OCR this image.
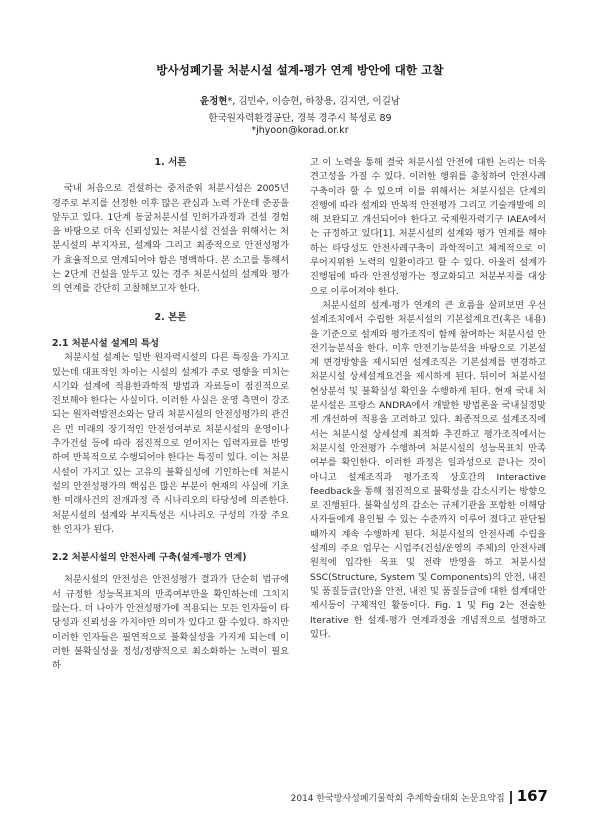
방사성폐기물 처분시설 설계-평가 연계 방안에 대한 고찰
윤정현*, 김민수, 이승현, 하창용, 김지연, 이길남
한국원자력환경공단, 경북 경주시 북성로 89
*jhyoon@korad.or.kr
1. 서론

국내 처음으로 건설하는 중저준위 처분시설은 2005년 경주로 부지를 선정한 이후 많은 관심과 노력 가운데 준공을 앞두고 있다. 1단계 동굴처분시설 인허가과정과 건설 경험을 바탕으로 더욱 신뢰성있는 처분시설 건설을 위해서는 처분시설의 부지자료, 설계와 그리고 최종적으로 안전성평가가 효율적으로 연계되어야 함은 명백하다. 본 소고를 통해서는 2단계 건설을 앞두고 있는 경주 처분시설의 설계와 평가의 연계를 간단히 고찰해보고자 한다.

2. 본론

2.1 처분시설 설계의 특성

처분시설 설계는 일반 원자력시설의 다른 특징을 가지고 있는데 대표적인 차이는 시설의 설계가 주로 영향을 미치는 시기와 설계에 적용한과학적 방법과 자료등이 점진적으로 진보해야 한다는 사실이다. 이러한 사실은 운영 측면이 강조되는 원자력발전소와는 달리 처분시설의 안전성평가의 관건은 먼 미래의 장기적인 안전성여부로 처분시설의 운영이나 추가건설 등에 따라 점진적으로 얻어지는 입력자료를 반영하여 반복적으로 수행되어야 한다는 특징이 있다. 이는 처분시설이 가지고 있는 고유의 불확실성에 기인하는데 처분시설의 안전성평가의 핵심은 많은 부분이 현재의 사실에 기초한 미래사건의 전개과정 즉 시나리오의 타당성에 의존한다. 처분시설의 설계와 부지특성은 시나리오 구성의 가장 주요한 인자가 된다.

2.2 처분시설의 안전사례 구축(설계-평가 연계)

처분시설의 안전성은 안전성평가 결과가 단순히 법규에서 규정한 성능목표치의 만족여부만을 확인하는데 그치지 않는다. 더 나아가 안전성평가에 적용되는 모든 인자들이 타당성과 신뢰성을 가지야만 의미가 있다고 할 수있다. 하지만 이러한 인자들은 필연적으로 불확실성을 가지게 되는데 이러한 불확실성을 정성/정량적으로 최소화하는 노력이 필요하

고 이 노력을 통해 결국 처분시설 안전에 대한 논리는 더욱 견고성을 가질 수 있다. 이러한 행위를 총칭하여 안전사례 구축이라 할 수 있으며 이를 위해서는 처분시설은 단계의 진행에 따라 설계와 반복적 안전평가 그리고 기술개발에 의해 보완되고 개선되어야 한다고 국제원자력기구 IAEA에서는 규정하고 있다[1]. 처분시설의 설계와 평가 연계를 해야하는 타당성도 안전사례구축이 과학적이고 체계적으로 이루어지위한 노력의 일환이라고 할 수 있다. 아울러 설계가 진행됨에 따라 안전성평가는 정교화되고 처분부지를 대상으로 이루어져야 한다.

처분시설의 설계-평가 연계의 큰 흐름을 살펴보면 우선 설계조치에서 수립한 처분시설의 기본설계요건(혹은 내용)을 기준으로 설계와 평가조직이 함께 참여하는 처분시설 안전기능분석을 한다. 이후 안전기능분석을 바탕으로 기본설계 변경방향을 제시되면 설계조직은 기본설계를 변경하고 처분시설 상세설계요건을 제시하게 된다. 뒤이어 처분시설 현상분석 및 불확실성 확인을 수행하게 된다. 현재 국내 처분시설은 프랑스 ANDRA에서 개발한 방법론을 국내실정맞게 개선하여 적용을 고려하고 있다. 최종적으로 설계조직에서는 처분시설 상세설계 최적화 추진하고 평가조직에서는 처분시설 안전평가 수행하여 처분시설의 성능목표치 만족여부를 확인한다. 이러한 과정은 일과성으로 끝나는 것이 아니고 설계조직과 평가조직 상호간의 Interactive feedback을 통해 점진적으로 불확성을 감소시키는 방향으로 진행된다. 불확실성의 감소는 규제기관을 포함한 이해당사자들에게 용인될 수 있는 수준까지 이루어 졌다고 판단될 때까지 계속 수행하게 된다. 처분시설의 안전사례 수립을 설계의 주요 업무는 시업주(건설/운영의 주체)의 안전사례 원칙에 입각한 목표 및 전략 반영을 하고 처분시설 SSC(Structure, System 및 Components)의 안전, 내진 및 품질등급(안)을 안전, 내진 및 품질등급에 대한 설계대안 제시등이 구체적인 활동이다. Fig. 1 및 Fig 2는 전술한 Iterative 한 설계-평가 연계과정을 개념적으로 설명하고 있다.

2014 한국방사성폐기물학회 추계학술대회 논문요약집 167
